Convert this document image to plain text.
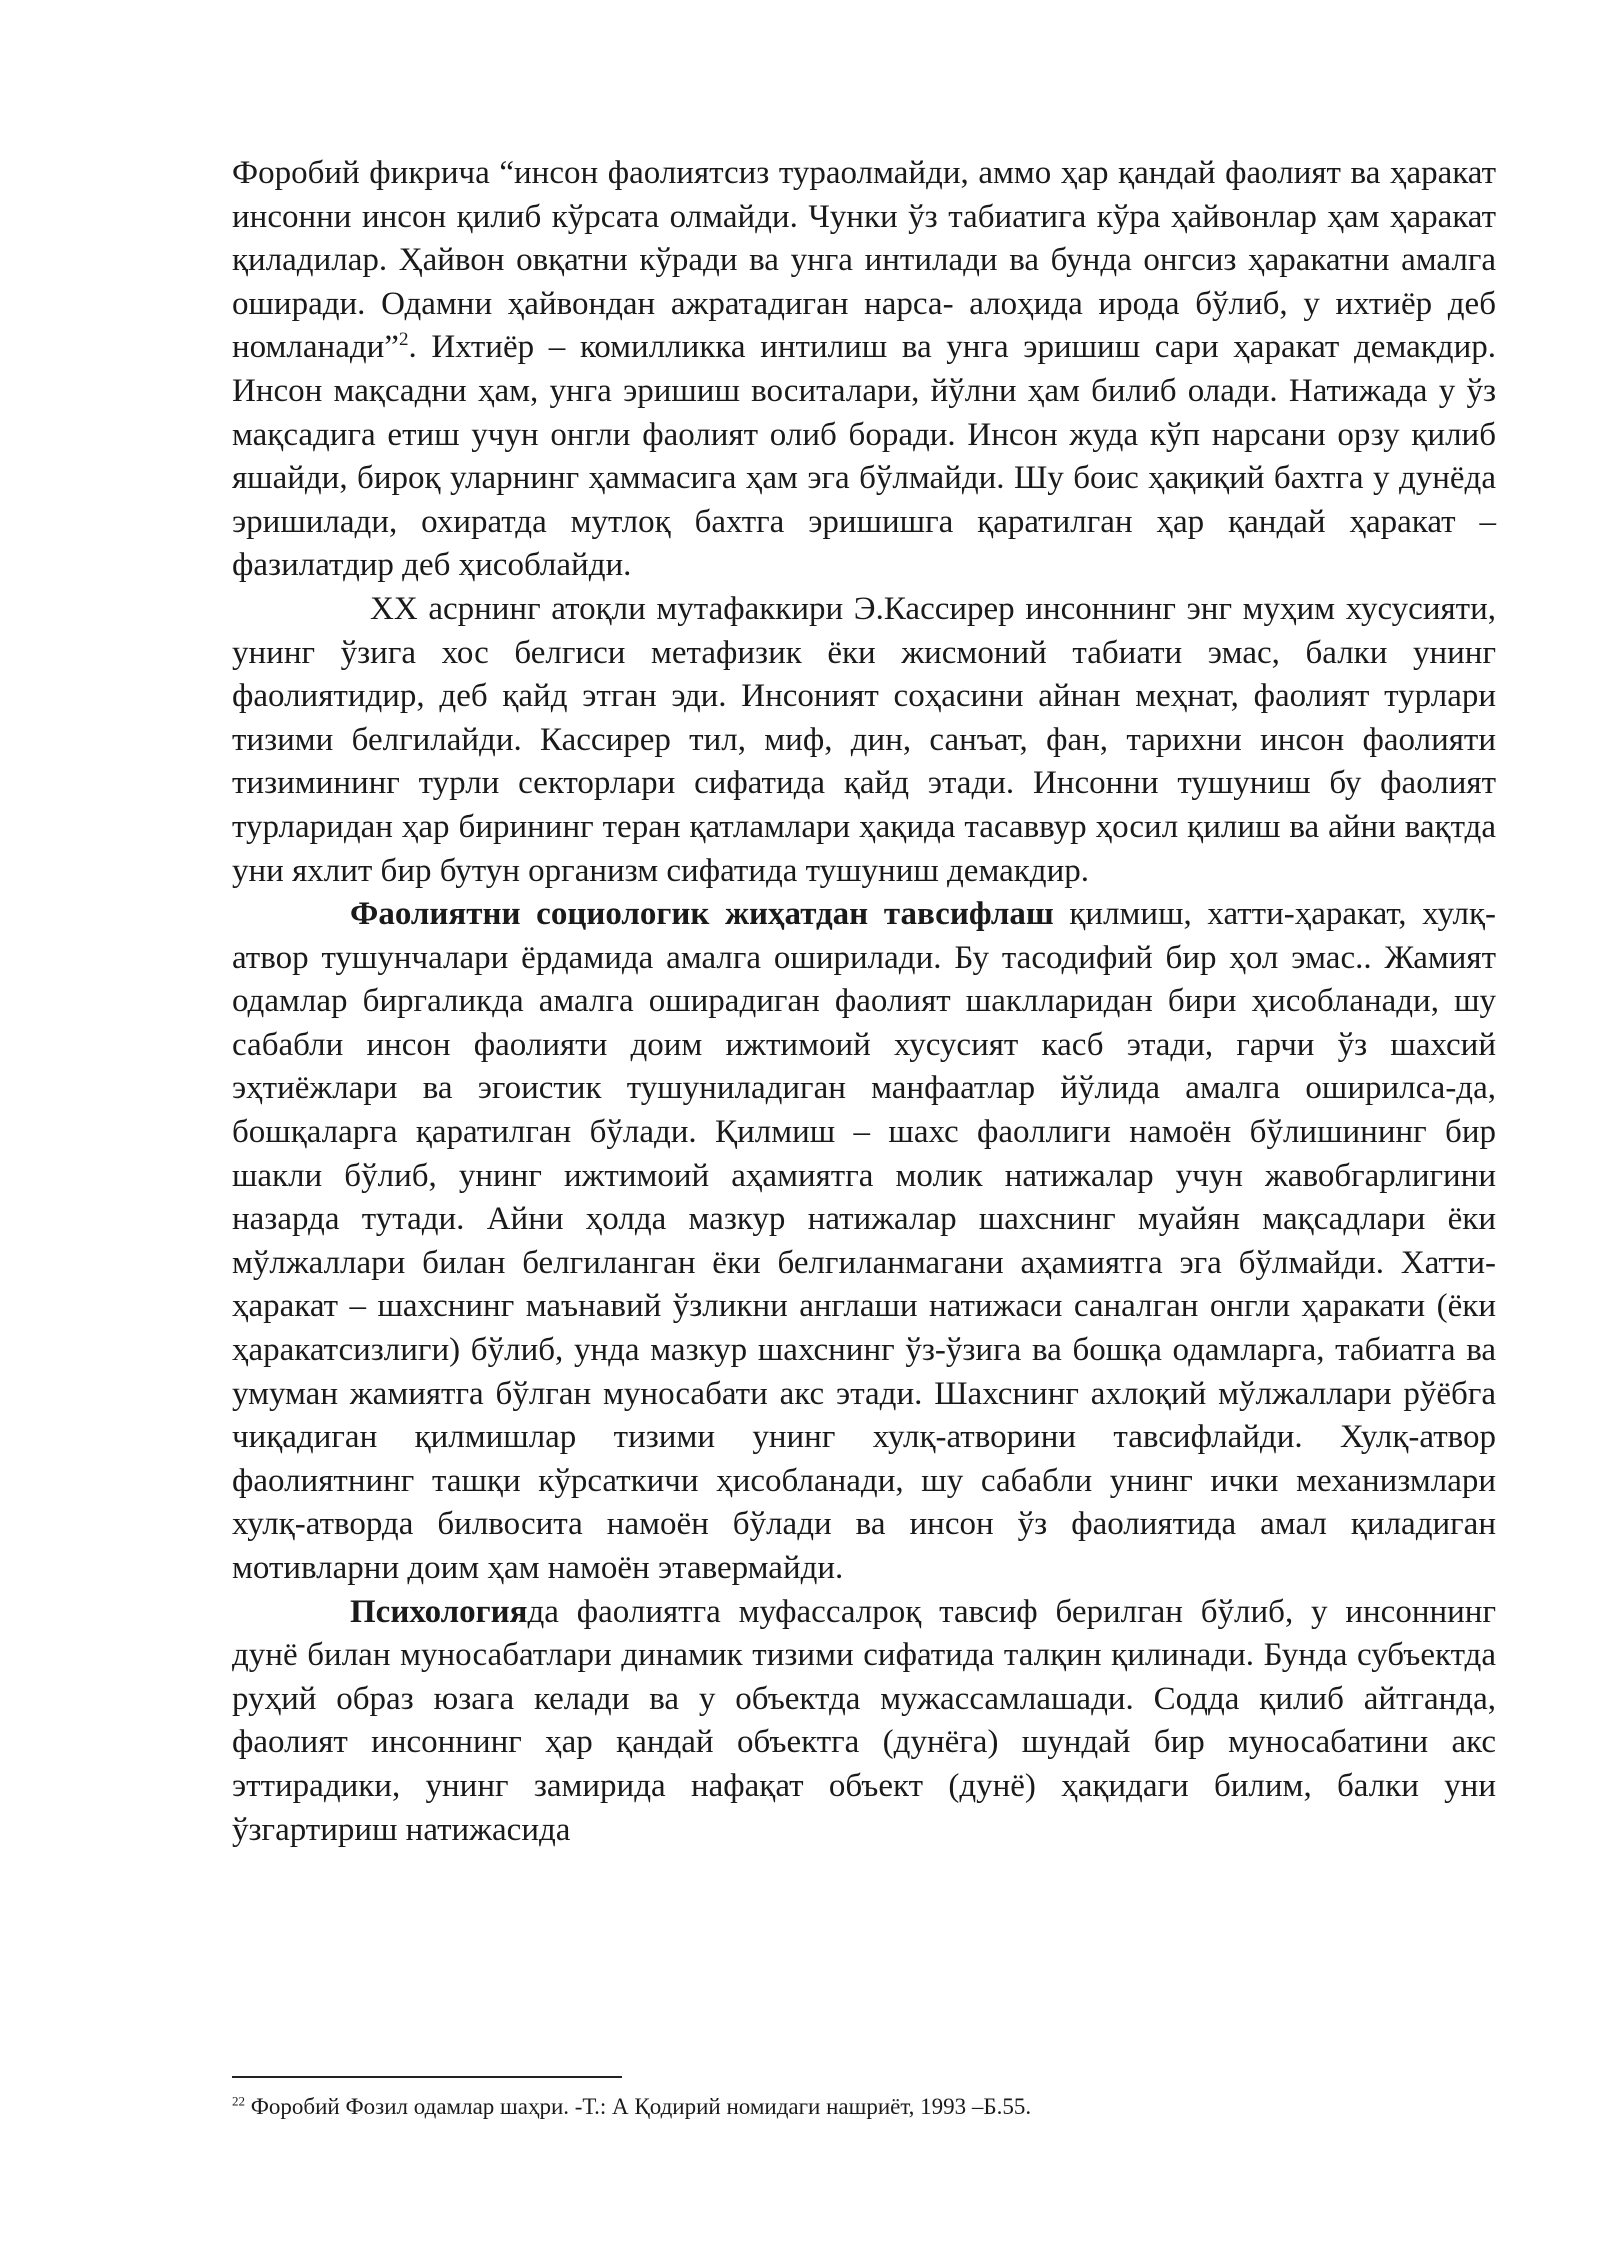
Форобий фикрича “инсон фаолиятсиз тураолмайди, аммо ҳар қандай фаолият ва ҳаракат инсонни инсон қилиб кўрсата олмайди. Чунки ўз табиатига кўра ҳайвонлар ҳам ҳаракат қиладилар. Ҳайвон овқатни кўради ва унга интилади ва бунда онгсиз ҳаракатни амалга оширади. Одамни ҳайвондан ажратадиган нарса- алоҳида ирода бўлиб, у ихтиёр деб номланади”$^2$. Ихтиёр – комилликка интилиш ва унга эришиш сари ҳаракат демакдир. Инсон мақсадни ҳам, унга эришиш воситалари, йўлни ҳам билиб олади. Натижада у ўз мақсадига етиш учун онгли фаолият олиб боради. Инсон жуда кўп нарсани орзу қилиб яшайди, бироқ уларнинг ҳаммасига ҳам эга бўлмайди. Шу боис ҳақиқий бахтга у дунёда эришилади, охиратда мутлоқ бахтга эришишга қаратилган ҳар қандай ҳаракат – фазилатдир деб ҳисоблайди.

XX асрнинг атоқли мутафаккири Э.Кассирер инсоннинг энг муҳим хусусияти, унинг ўзига хос белгиси метафизик ёки жисмоний табиати эмас, балки унинг фаолиятидир, деб қайд этган эди. Инсоният соҳасини айнан меҳнат, фаолият турлари тизими белгилайди. Кассирер тил, миф, дин, санъат, фан, тарихни инсон фаолияти тизимининг турли секторлари сифатида қайд этади. Инсонни тушуниш бу фаолият турларидан ҳар бирининг теран қатламлари ҳақида тасаввур ҳосил қилиш ва айни вақтда уни яхлит бир бутун организм сифатида тушуниш демакдир.

Фаолиятни социологик жиҳатдан тавсифлаш қилмиш, хатти-ҳаракат, хулқ-атвор тушунчалари ёрдамида амалга оширилади. Бу тасодифий бир ҳол эмас.. Жамият одамлар биргаликда амалга оширадиган фаолият шаклларидан бири ҳисобланади, шу сабабли инсон фаолияти доим ижтимоий хусусият касб этади, гарчи ўз шахсий эҳтиёжлари ва эгоистик тушуниладиган манфаатлар йўлида амалга оширилса-да, бошқаларга қаратилган бўлади. Қилмиш – шахс фаоллиги намоён бўлишининг бир шакли бўлиб, унинг ижтимоий аҳамиятга молик натижалар учун жавобгарлигини назарда тутади. Айни ҳолда мазкур натижалар шахснинг муайян мақсадлари ёки мўлжаллари билан белгиланган ёки белгиланмагани аҳамиятга эга бўлмайди. Хатти-ҳаракат – шахснинг маънавий ўзликни англаши натижаси саналган онгли ҳаракати (ёки ҳаракатсизлиги) бўлиб, унда мазкур шахснинг ўз-ўзига ва бошқа одамларга, табиатга ва умуман жамиятга бўлган муносабати акс этади. Шахснинг ахлоқий мўлжаллари рўёбга чиқадиган қилмишлар тизими унинг хулқ-атворини тавсифлайди. Хулқ-атвор фаолиятнинг ташқи кўрсаткичи ҳисобланади, шу сабабли унинг ички механизмлари хулқ-атворда билвосита намоён бўлади ва инсон ўз фаолиятида амал қиладиган мотивларни доим ҳам намоён этавермайди.

Психологияда фаолиятга муфассалроқ тавсиф берилган бўлиб, у инсоннинг дунё билан муносабатлари динамик тизими сифатида талқин қилинади. Бунда субъектда руҳий образ юзага келади ва у объектда мужассамлашади. Содда қилиб айтганда, фаолият инсоннинг ҳар қандай объектга (дунёга) шундай бир муносабатини акс эттирадики, унинг замирида нафақат объект (дунё) ҳақидаги билим, балки уни ўзгартириш натижасида

$^{22}$ Форобий Фозил одамлар шаҳри. -Т.: А Қодирий номидаги нашриёт, 1993 –Б.55.
